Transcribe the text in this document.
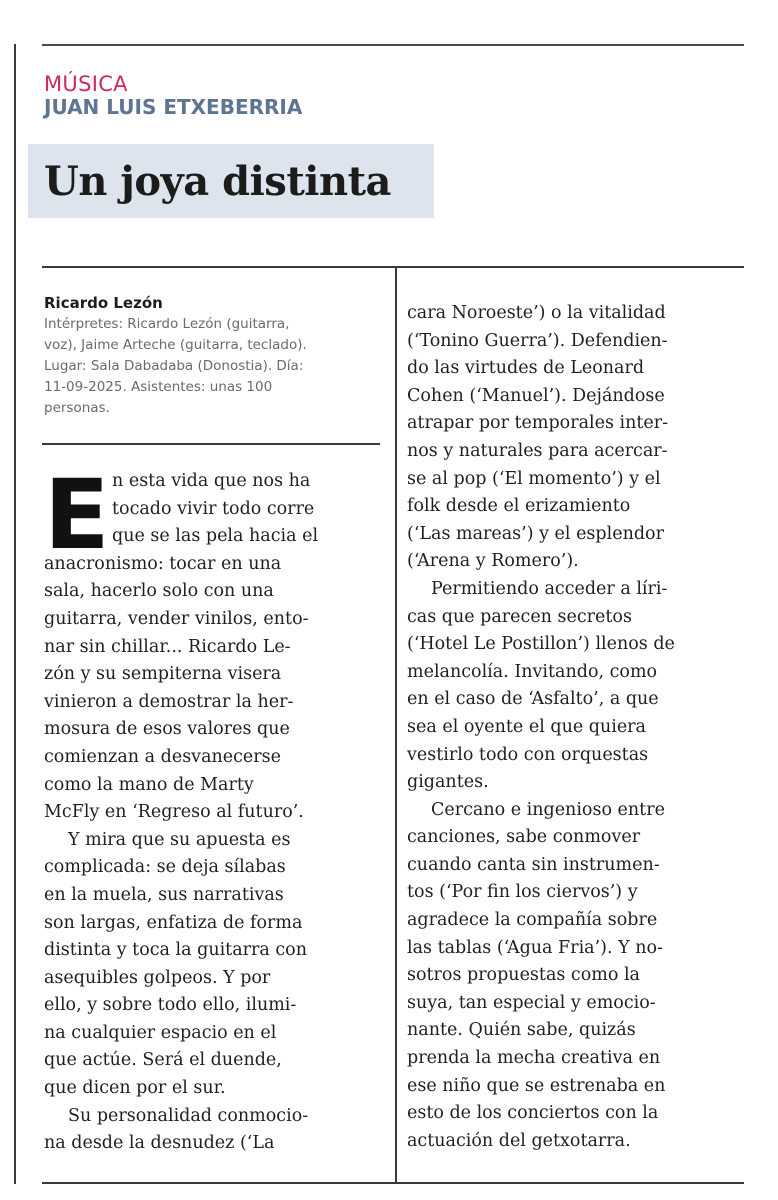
MÚSICA

JUAN LUIS ETXEBERRIA

Un joya distinta
Ricardo Lezón
Intérpretes: Ricardo Lezón (guitarra,
voz), Jaime Arteche (guitarra, teclado).
Lugar: Sala Dabadaba (Donostia). Día:
11-09-2025. Asistentes: unas 100
personas.

E n esta vida que nos ha
tocado vivir todo corre
que se las pela hacia el
anacronismo: tocar en una
sala, hacerlo solo con una
guitarra, vender vinilos, ento-
nar sin chillar... Ricardo Le-
zón y su sempiterna visera
vinieron a demostrar la her-
mosura de esos valores que
comienzan a desvanecerse
como la mano de Marty
McFly en ‘Regreso al futuro’.
Y mira que su apuesta es
complicada: se deja sílabas
en la muela, sus narrativas
son largas, enfatiza de forma
distinta y toca la guitarra con
asequibles golpeos. Y por
ello, y sobre todo ello, ilumi-
na cualquier espacio en el
que actúe. Será el duende,
que dicen por el sur.
Su personalidad conmocio-
na desde la desnudez (‘La
cara Noroeste’) o la vitalidad
(‘Tonino Guerra’). Defendien-
do las virtudes de Leonard
Cohen (‘Manuel’). Dejándose
atrapar por temporales inter-
nos y naturales para acercar-
se al pop (‘El momento’) y el
folk desde el erizamiento
(‘Las mareas’) y el esplendor
(‘Arena y Romero’).
Permitiendo acceder a líri-
cas que parecen secretos
(‘Hotel Le Postillon’) llenos de
melancolía. Invitando, como
en el caso de ‘Asfalto’, a que
sea el oyente el que quiera
vestirlo todo con orquestas
gigantes.
Cercano e ingenioso entre
canciones, sabe conmover
cuando canta sin instrumen-
tos (‘Por fin los ciervos’) y
agradece la compañía sobre
las tablas (‘Agua Fria’). Y no-
sotros propuestas como la
suya, tan especial y emocio-
nante. Quién sabe, quizás
prenda la mecha creativa en
ese niño que se estrenaba en
esto de los conciertos con la
actuación del getxotarra.
